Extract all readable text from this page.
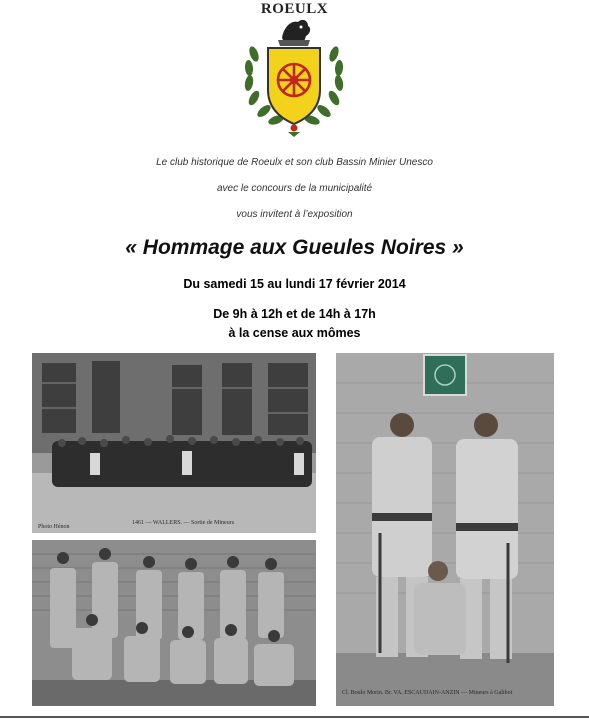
ROEULX
Le club historique de Roeulx et son club Bassin Minier Unesco
avec le concours de la municipalité
vous invitent à l’exposition
« Hommage aux Gueules Noires »
Du samedi 15 au lundi 17 février 2014
De 9h à 12h et de 14h à 17h
à la cense aux mômes
1461 — WALLERS. — Sortie de Mineurs
Photo Hénon
Cl. Boulo Morin. Br. VA. ESCAUDAIN-ANZIN — Mineurs à Galibot
